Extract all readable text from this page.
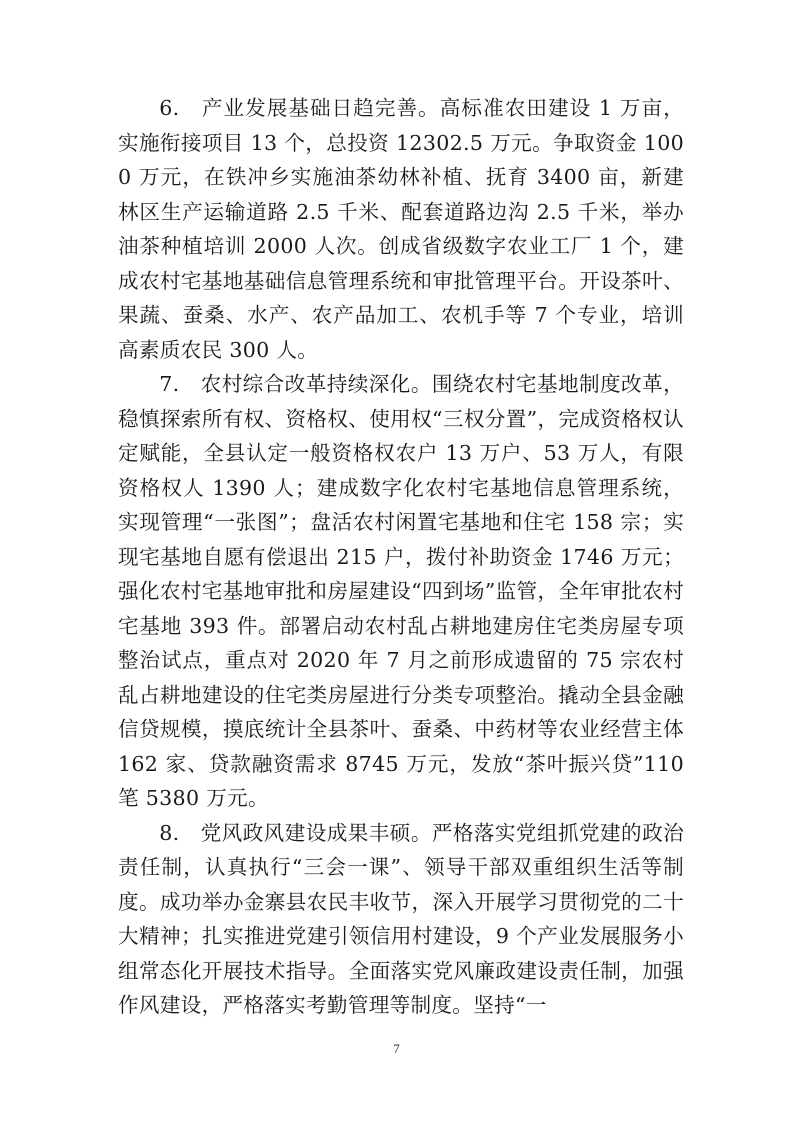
6.　产业发展基础日趋完善。高标准农田建设 1 万亩，实施衔接项目 13 个，总投资 12302.5 万元。争取资金 1000 万元，在铁冲乡实施油茶幼林补植、抚育 3400 亩，新建林区生产运输道路 2.5 千米、配套道路边沟 2.5 千米，举办油茶种植培训 2000 人次。创成省级数字农业工厂 1 个，建成农村宅基地基础信息管理系统和审批管理平台。开设茶叶、果蔬、蚕桑、水产、农产品加工、农机手等 7 个专业，培训高素质农民 300 人。

7.　农村综合改革持续深化。围绕农村宅基地制度改革，稳慎探索所有权、资格权、使用权“三权分置”，完成资格权认定赋能，全县认定一般资格权农户 13 万户、53 万人，有限资格权人 1390 人；建成数字化农村宅基地信息管理系统，实现管理“一张图”；盘活农村闲置宅基地和住宅 158 宗；实现宅基地自愿有偿退出 215 户，拨付补助资金 1746 万元；强化农村宅基地审批和房屋建设“四到场”监管，全年审批农村宅基地 393 件。部署启动农村乱占耕地建房住宅类房屋专项整治试点，重点对 2020 年 7 月之前形成遗留的 75 宗农村乱占耕地建设的住宅类房屋进行分类专项整治。撬动全县金融信贷规模，摸底统计全县茶叶、蚕桑、中药材等农业经营主体 162 家、贷款融资需求 8745 万元，发放“茶叶振兴贷”110 笔 5380 万元。

8.　党风政风建设成果丰硕。严格落实党组抓党建的政治责任制，认真执行“三会一课”、领导干部双重组织生活等制度。成功举办金寨县农民丰收节，深入开展学习贯彻党的二十大精神；扎实推进党建引领信用村建设，9 个产业发展服务小组常态化开展技术指导。全面落实党风廉政建设责任制，加强作风建设，严格落实考勤管理等制度。坚持“一

7
